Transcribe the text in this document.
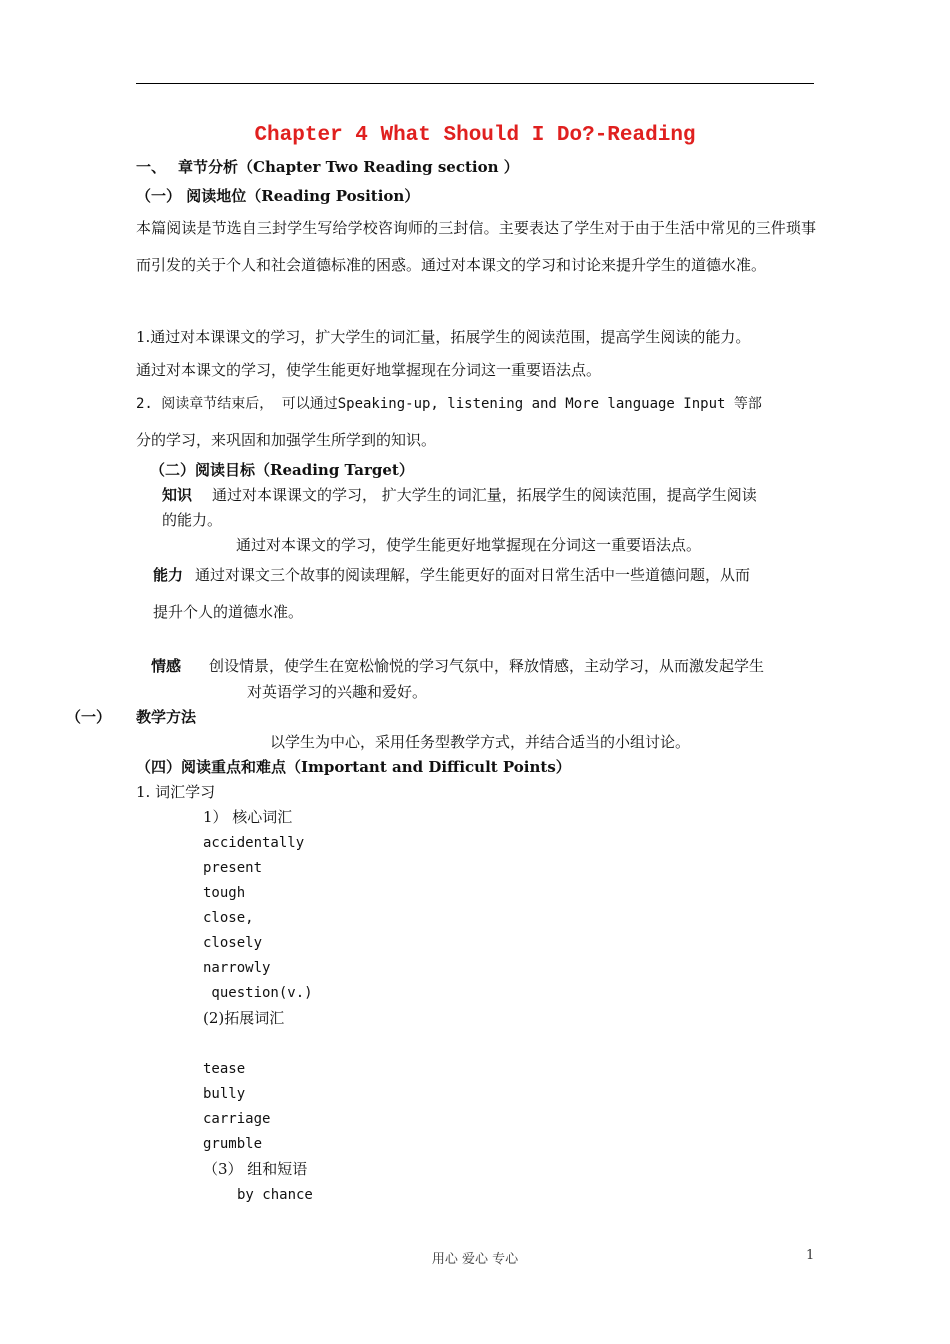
Chapter 4 What Should I Do?-Reading
一、 章节分析（Chapter Two Reading section ）
（一） 阅读地位（Reading Position）
本篇阅读是节选自三封学生写给学校咨询师的三封信。主要表达了学生对于由于生活中常见的三件琐事而引发的关于个人和社会道德标准的困惑。通过对本课文的学习和讨论来提升学生的道德水准。
1.通过对本课课文的学习，扩大学生的词汇量，拓展学生的阅读范围，提高学生阅读的能力。
通过对本课文的学习，使学生能更好地掌握现在分词这一重要语法点。
2. 阅读章节结束后， 可以通过Speaking-up, listening and More language Input 等部
分的学习，来巩固和加强学生所学到的知识。
（二）阅读目标（Reading Target）
知识 通过对本课课文的学习， 扩大学生的词汇量，拓展学生的阅读范围，提高学生阅读
的能力。
通过对本课文的学习，使学生能更好地掌握现在分词这一重要语法点。
能力 通过对课文三个故事的阅读理解，学生能更好的面对日常生活中一些道德问题，从而
提升个人的道德水准。
情感 创设情景，使学生在宽松愉悦的学习气氛中，释放情感，主动学习，从而激发起学生
对英语学习的兴趣和爱好。
（一） 教学方法
以学生为中心，采用任务型教学方式，并结合适当的小组讨论。
（四）阅读重点和难点（Important and Difficult Points）
1. 词汇学习
1） 核心词汇
accidentally
present
tough
close,
closely
narrowly
question(v.)
(2)拓展词汇
tease
bully
carriage
grumble
（3） 组和短语
by chance
用心 爱心 专心	1
